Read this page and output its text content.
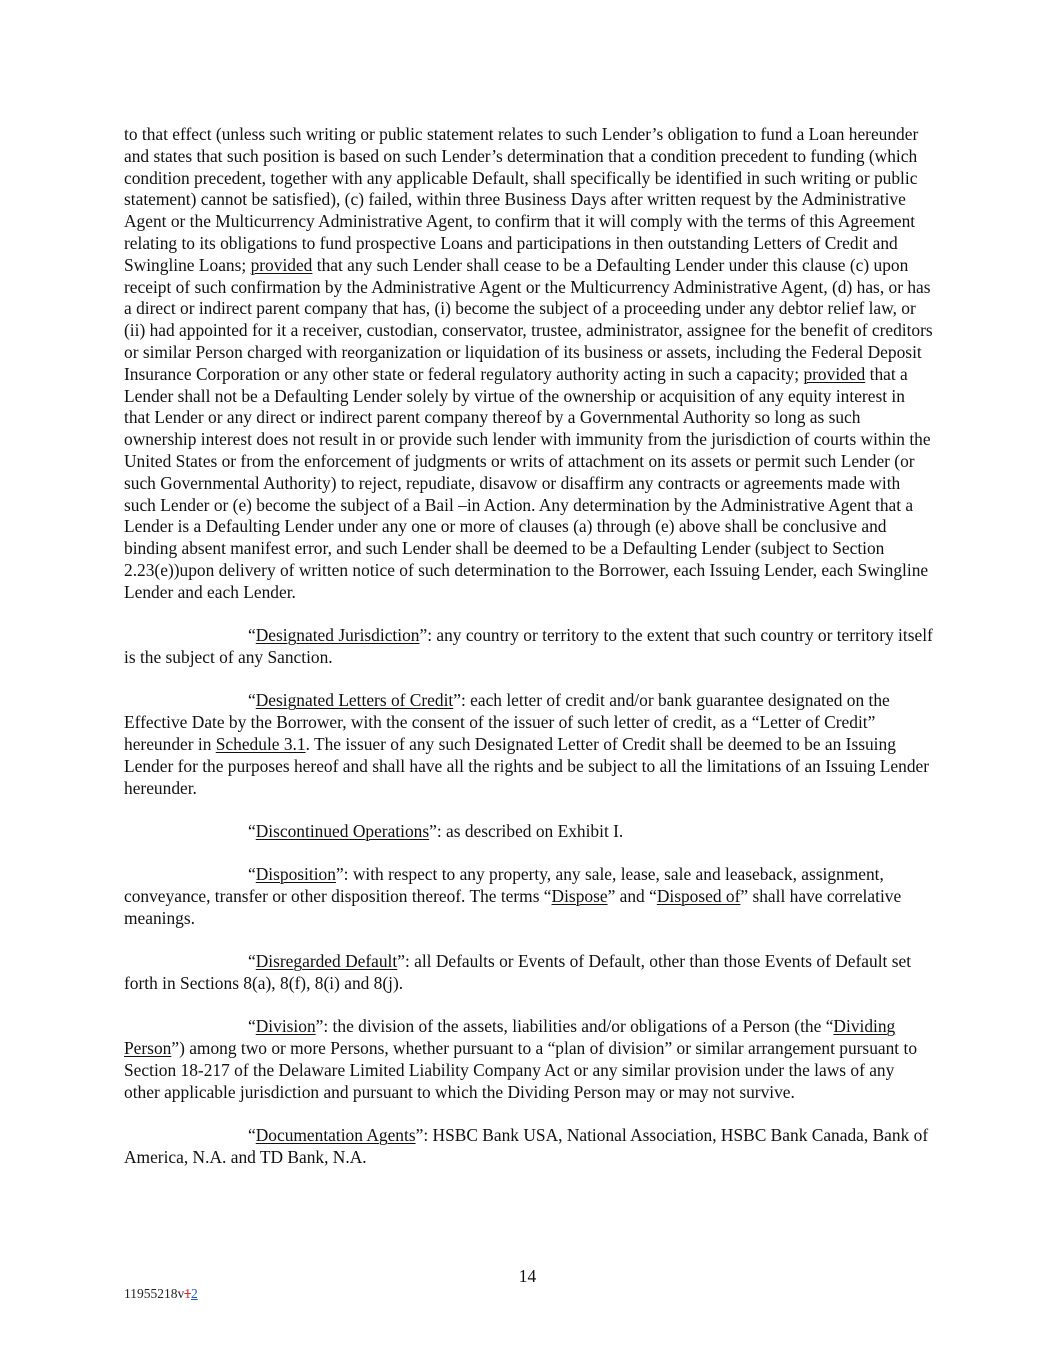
to that effect (unless such writing or public statement relates to such Lender’s obligation to fund a Loan hereunder and states that such position is based on such Lender’s determination that a condition precedent to funding (which condition precedent, together with any applicable Default, shall specifically be identified in such writing or public statement) cannot be satisfied), (c) failed, within three Business Days after written request by the Administrative Agent or the Multicurrency Administrative Agent, to confirm that it will comply with the terms of this Agreement relating to its obligations to fund prospective Loans and participations in then outstanding Letters of Credit and Swingline Loans; provided that any such Lender shall cease to be a Defaulting Lender under this clause (c) upon receipt of such confirmation by the Administrative Agent or the Multicurrency Administrative Agent, (d) has, or has a direct or indirect parent company that has, (i) become the subject of a proceeding under any debtor relief law, or (ii) had appointed for it a receiver, custodian, conservator, trustee, administrator, assignee for the benefit of creditors or similar Person charged with reorganization or liquidation of its business or assets, including the Federal Deposit Insurance Corporation or any other state or federal regulatory authority acting in such a capacity; provided that a Lender shall not be a Defaulting Lender solely by virtue of the ownership or acquisition of any equity interest in that Lender or any direct or indirect parent company thereof by a Governmental Authority so long as such ownership interest does not result in or provide such lender with immunity from the jurisdiction of courts within the United States or from the enforcement of judgments or writs of attachment on its assets or permit such Lender (or such Governmental Authority) to reject, repudiate, disavow or disaffirm any contracts or agreements made with such Lender or (e) become the subject of a Bail –in Action. Any determination by the Administrative Agent that a Lender is a Defaulting Lender under any one or more of clauses (a) through (e) above shall be conclusive and binding absent manifest error, and such Lender shall be deemed to be a Defaulting Lender (subject to Section 2.23(e))upon delivery of written notice of such determination to the Borrower, each Issuing Lender, each Swingline Lender and each Lender.

“Designated Jurisdiction”: any country or territory to the extent that such country or territory itself is the subject of any Sanction.

“Designated Letters of Credit”: each letter of credit and/or bank guarantee designated on the Effective Date by the Borrower, with the consent of the issuer of such letter of credit, as a “Letter of Credit” hereunder in Schedule 3.1. The issuer of any such Designated Letter of Credit shall be deemed to be an Issuing Lender for the purposes hereof and shall have all the rights and be subject to all the limitations of an Issuing Lender hereunder.

“Discontinued Operations”: as described on Exhibit I.

“Disposition”: with respect to any property, any sale, lease, sale and leaseback, assignment, conveyance, transfer or other disposition thereof. The terms “Dispose” and “Disposed of” shall have correlative meanings.

“Disregarded Default”: all Defaults or Events of Default, other than those Events of Default set forth in Sections 8(a), 8(f), 8(i) and 8(j).

“Division”: the division of the assets, liabilities and/or obligations of a Person (the “Dividing Person”) among two or more Persons, whether pursuant to a “plan of division” or similar arrangement pursuant to Section 18-217 of the Delaware Limited Liability Company Act or any similar provision under the laws of any other applicable jurisdiction and pursuant to which the Dividing Person may or may not survive.

“Documentation Agents”: HSBC Bank USA, National Association, HSBC Bank Canada, Bank of America, N.A. and TD Bank, N.A.

14
11955218v12
